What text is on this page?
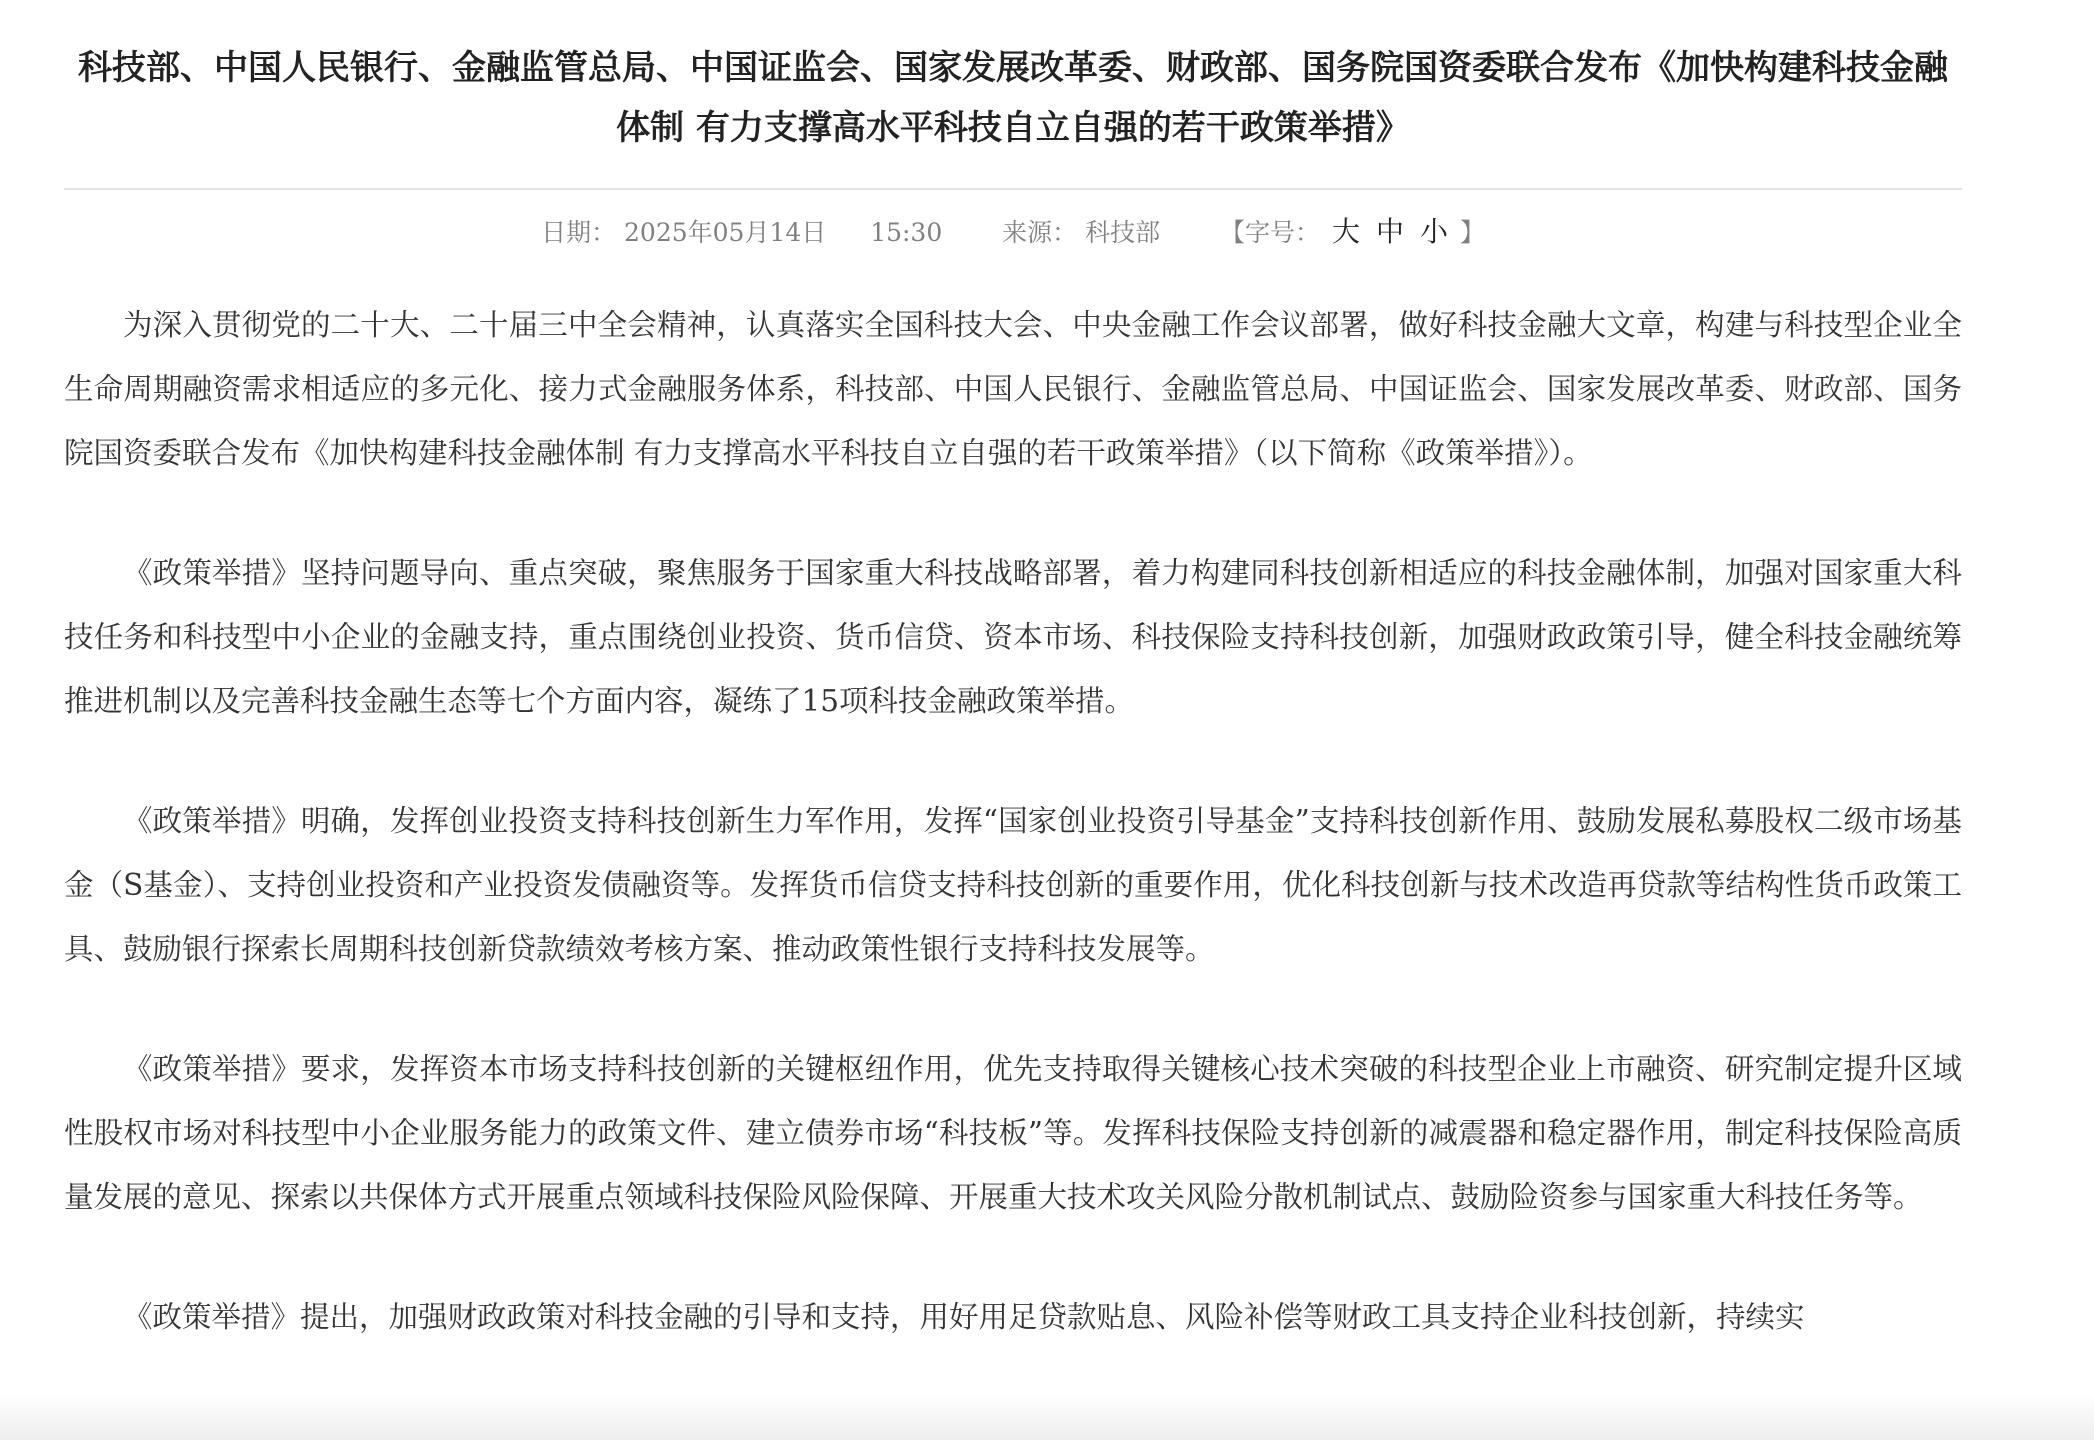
科技部、中国人民银行、金融监管总局、中国证监会、国家发展改革委、财政部、国务院国资委联合发布《加快构建科技金融体制 有力支撑高水平科技自立自强的若干政策举措》
日期： 2025年05月14日 15:30 来源： 科技部 【字号： 大 中 小 】

为深入贯彻党的二十大、二十届三中全会精神，认真落实全国科技大会、中央金融工作会议部署，做好科技金融大文章，构建与科技型企业全生命周期融资需求相适应的多元化、接力式金融服务体系，科技部、中国人民银行、金融监管总局、中国证监会、国家发展改革委、财政部、国务院国资委联合发布《加快构建科技金融体制 有力支撑高水平科技自立自强的若干政策举措》（以下简称《政策举措》）。

《政策举措》坚持问题导向、重点突破，聚焦服务于国家重大科技战略部署，着力构建同科技创新相适应的科技金融体制，加强对国家重大科技任务和科技型中小企业的金融支持，重点围绕创业投资、货币信贷、资本市场、科技保险支持科技创新，加强财政政策引导，健全科技金融统筹推进机制以及完善科技金融生态等七个方面内容，凝练了15项科技金融政策举措。

《政策举措》明确，发挥创业投资支持科技创新生力军作用，发挥“国家创业投资引导基金”支持科技创新作用、鼓励发展私募股权二级市场基金（S基金）、支持创业投资和产业投资发债融资等。发挥货币信贷支持科技创新的重要作用，优化科技创新与技术改造再贷款等结构性货币政策工具、鼓励银行探索长周期科技创新贷款绩效考核方案、推动政策性银行支持科技发展等。

《政策举措》要求，发挥资本市场支持科技创新的关键枢纽作用，优先支持取得关键核心技术突破的科技型企业上市融资、研究制定提升区域性股权市场对科技型中小企业服务能力的政策文件、建立债券市场“科技板”等。发挥科技保险支持创新的减震器和稳定器作用，制定科技保险高质量发展的意见、探索以共保体方式开展重点领域科技保险风险保障、开展重大技术攻关风险分散机制试点、鼓励险资参与国家重大科技任务等。

《政策举措》提出，加强财政政策对科技金融的引导和支持，用好用足贷款贴息、风险补偿等财政工具支持企业科技创新，持续实
